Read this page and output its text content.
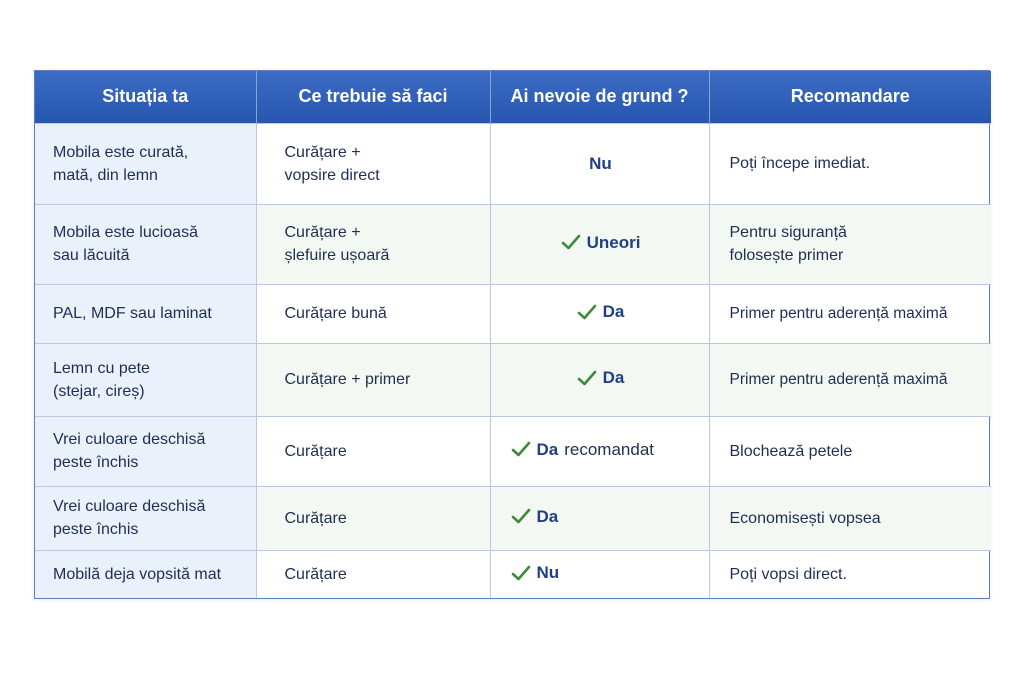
Situația ta	Ce trebuie să faci	Ai nevoie de grund ?	Recomandare
Mobila este curată,
mată, din lemn	Curățare +
vopsire direct	Nu	Poți începe imediat.
Mobila este lucioasă
sau lăcuită	Curățare +
șlefuire ușoară	Uneori	Pentru siguranță
folosește primer
PAL, MDF sau laminat	Curățare bună	Da	Primer pentru aderență maximă
Lemn cu pete
(stejar, cireș)	Curățare + primer	Da	Primer pentru aderență maximă
Vrei culoare deschisă
peste închis	Curățare	Da recomandat	Blochează petele
Vrei culoare deschisă
peste închis	Curățare	Da	Economisești vopsea
Mobilă deja vopsită mat	Curățare	Nu	Poți vopsi direct.
